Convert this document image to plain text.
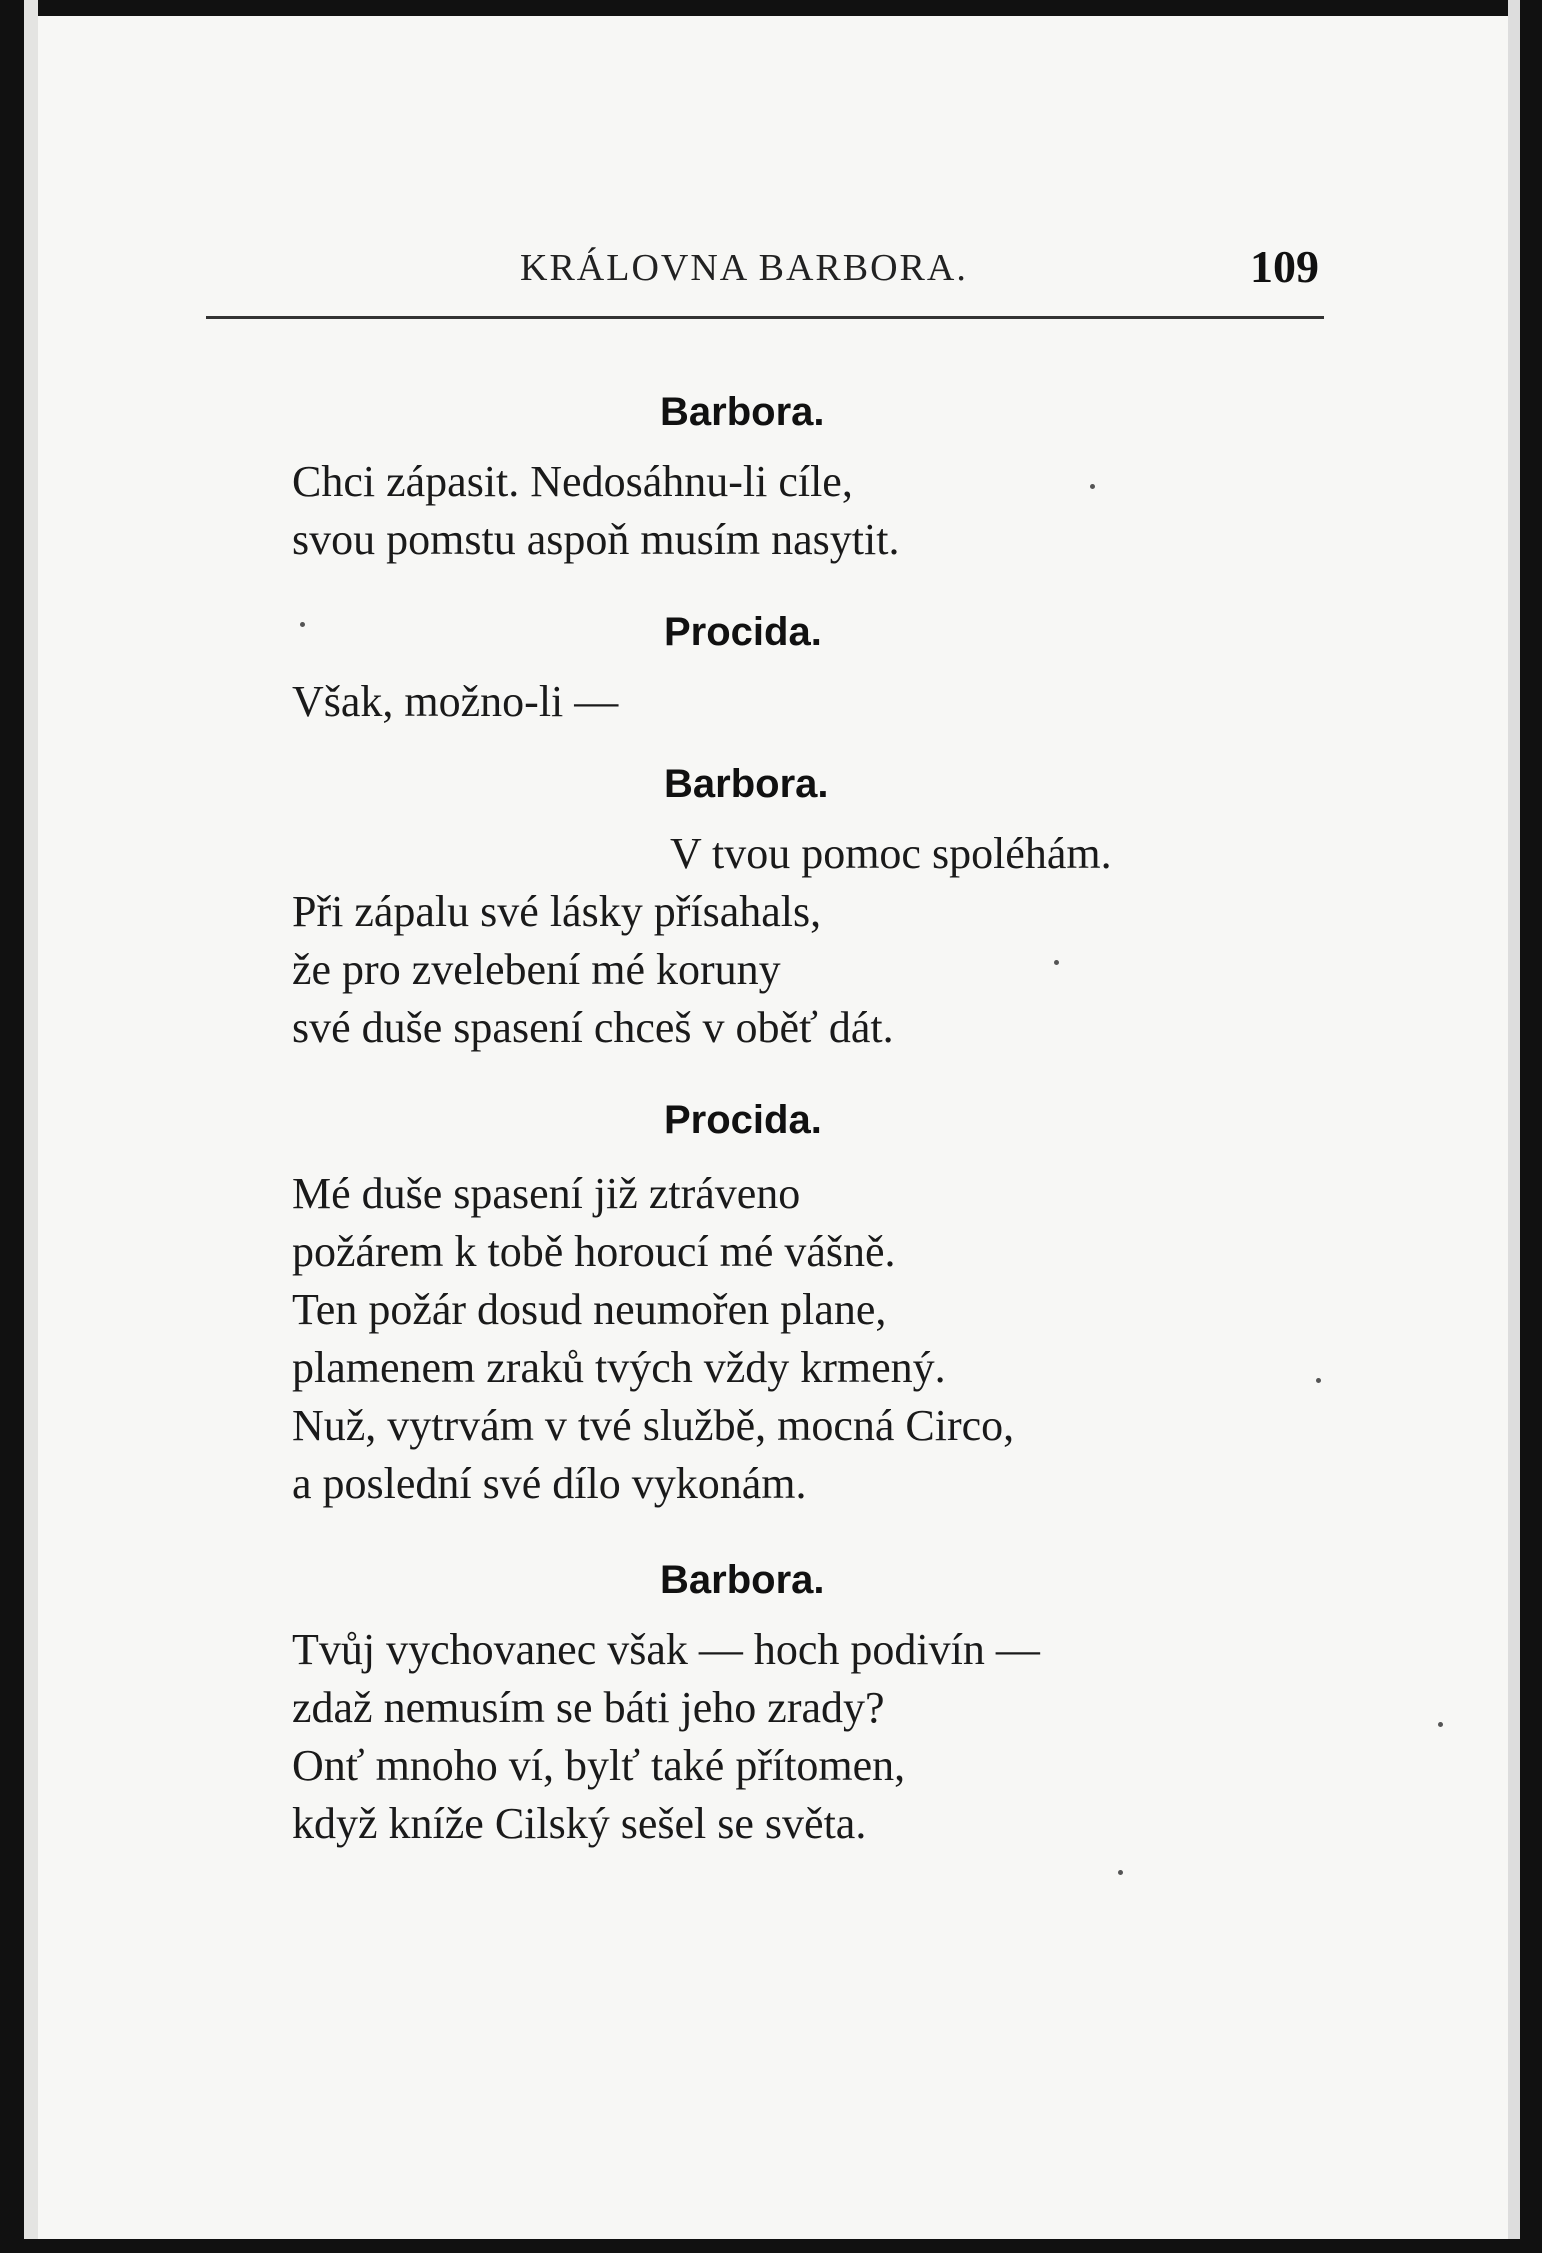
KRÁLOVNA BARBORA.	109
Barbora.
Chci zápasit. Nedosáhnu-li cíle,
svou pomstu aspoň musím nasytit.
Procida.
Však, možno-li —
Barbora.
V tvou pomoc spoléhám.
Při zápalu své lásky přísahals,
že pro zvelebení mé koruny
své duše spasení chceš v oběť dát.
Procida.
Mé duše spasení již ztráveno
požárem k tobě horoucí mé vášně.
Ten požár dosud neumořen plane,
plamenem zraků tvých vždy krmený.
Nuž, vytrvám v tvé službě, mocná Circo,
a poslední své dílo vykonám.
Barbora.
Tvůj vychovanec však — hoch podivín —
zdaž nemusím se báti jeho zrady?
Onť mnoho ví, bylť také přítomen,
když kníže Cilský sešel se světa.
